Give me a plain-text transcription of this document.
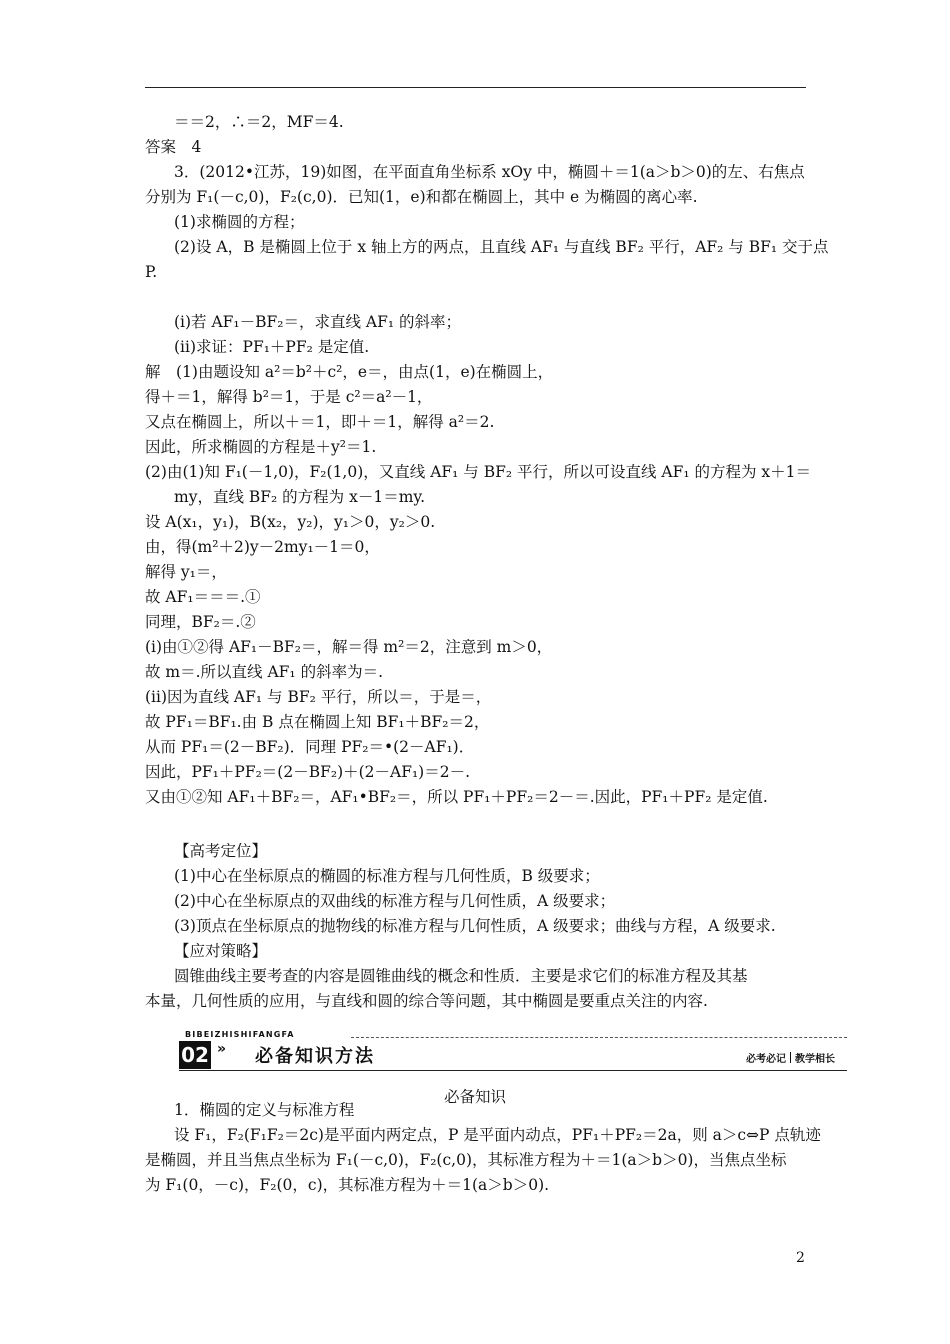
＝＝2，∴＝2，MF＝4.
答案　4
3．(2012•江苏，19)如图，在平面直角坐标系 xOy 中，椭圆＋＝1(a＞b＞0)的左、右焦点
分别为 F₁(－c,0)，F₂(c,0)．已知(1，e)和都在椭圆上，其中 e 为椭圆的离心率.
(1)求椭圆的方程；
(2)设 A，B 是椭圆上位于 x 轴上方的两点，且直线 AF₁ 与直线 BF₂ 平行，AF₂ 与 BF₁ 交于点
P.
(ⅰ)若 AF₁－BF₂＝，求直线 AF₁ 的斜率；
(ⅱ)求证：PF₁＋PF₂ 是定值.
解　(1)由题设知 a²＝b²＋c²，e＝，由点(1，e)在椭圆上，
得＋＝1，解得 b²＝1，于是 c²＝a²－1，
又点在椭圆上，所以＋＝1，即＋＝1，解得 a²＝2.
因此，所求椭圆的方程是＋y²＝1.
(2)由(1)知 F₁(－1,0)，F₂(1,0)，又直线 AF₁ 与 BF₂ 平行，所以可设直线 AF₁ 的方程为 x＋1＝
my，直线 BF₂ 的方程为 x－1＝my.
设 A(x₁，y₁)，B(x₂，y₂)，y₁＞0，y₂＞0.
由，得(m²＋2)y－2my₁－1＝0，
解得 y₁＝，
故 AF₁＝＝＝.①
同理，BF₂＝.②
(ⅰ)由①②得 AF₁－BF₂＝，解＝得 m²＝2，注意到 m＞0，
故 m＝.所以直线 AF₁ 的斜率为＝.
(ⅱ)因为直线 AF₁ 与 BF₂ 平行，所以＝，于是＝，
故 PF₁＝BF₁.由 B 点在椭圆上知 BF₁＋BF₂＝2，
从而 PF₁＝(2－BF₂)．同理 PF₂＝•(2－AF₁)．
因此，PF₁＋PF₂＝(2－BF₂)＋(2－AF₁)＝2－.
又由①②知 AF₁＋BF₂＝，AF₁•BF₂＝，所以 PF₁＋PF₂＝2－＝.因此，PF₁＋PF₂ 是定值.
【高考定位】
(1)中心在坐标原点的椭圆的标准方程与几何性质，B 级要求；
(2)中心在坐标原点的双曲线的标准方程与几何性质，A 级要求；
(3)顶点在坐标原点的抛物线的标准方程与几何性质，A 级要求；曲线与方程，A 级要求.
【应对策略】
圆锥曲线主要考查的内容是圆锥曲线的概念和性质．主要是求它们的标准方程及其基
本量，几何性质的应用，与直线和圆的综合等问题，其中椭圆是要重点关注的内容.
1．椭圆的定义与标准方程
设 F₁，F₂(F₁F₂＝2c)是平面内两定点，P 是平面内动点，PF₁＋PF₂＝2a，则 a＞c⇔P 点轨迹
是椭圆，并且当焦点坐标为 F₁(－c,0)，F₂(c,0)，其标准方程为＋＝1(a＞b＞0)，当焦点坐标
为 F₁(0，－c)，F₂(0，c)，其标准方程为＋＝1(a＞b＞0).
BIBEIZHISHIFANGFA
02 » 必备知识方法	必考必记 教学相长
必备知识
2
